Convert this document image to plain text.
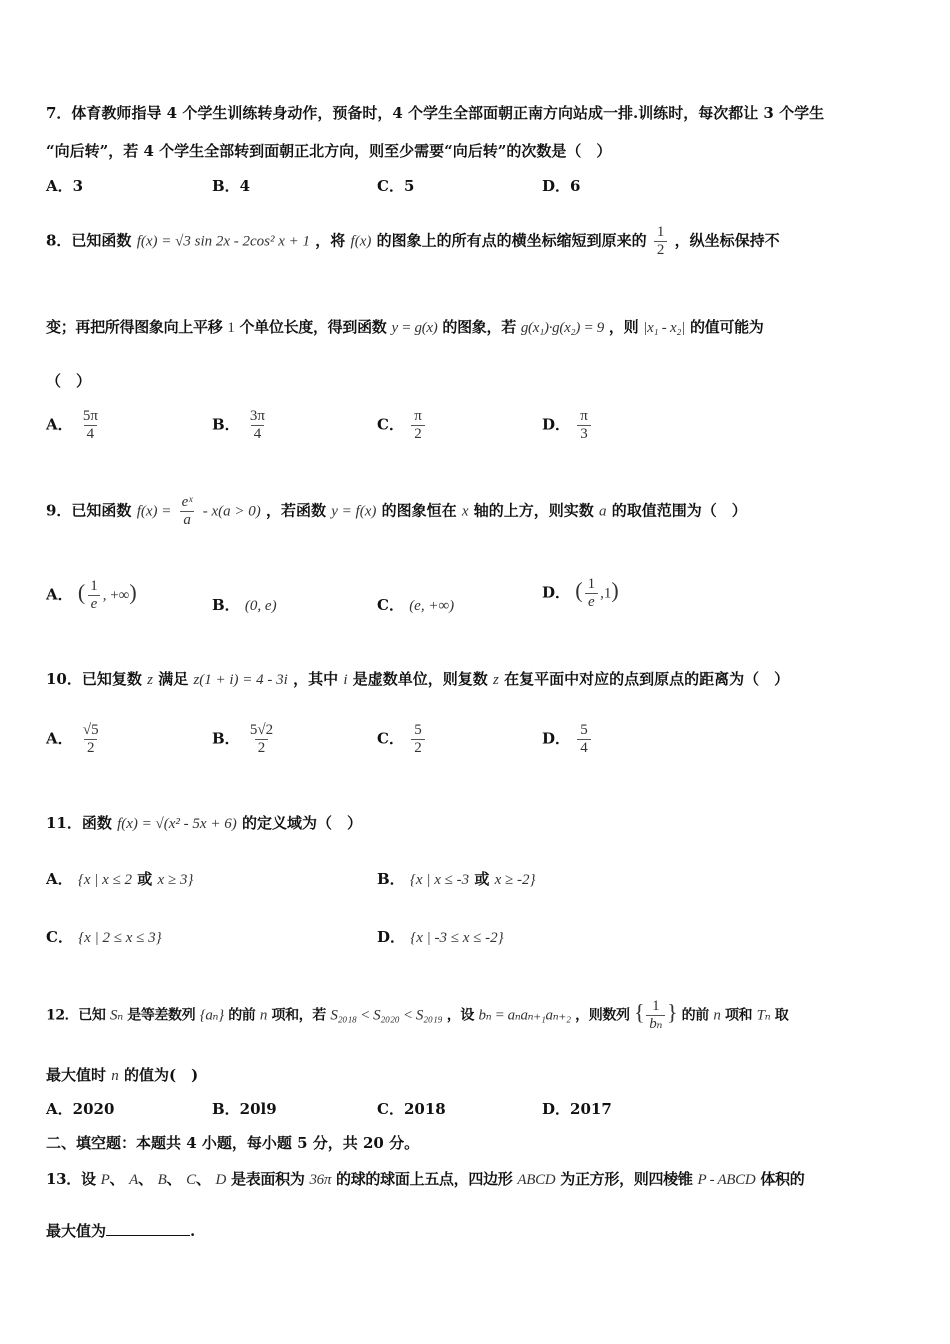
7．体育教师指导 4 个学生训练转身动作，预备时，4 个学生全部面朝正南方向站成一排.训练时，每次都让 3 个学生
“向后转”，若 4 个学生全部转到面朝正北方向，则至少需要“向后转”的次数是（　）
A．3	B．4	C．5	D．6
8．已知函数 f(x) = √3 sin 2x - 2cos² x + 1 ，将 f(x) 的图象上的所有点的横坐标缩短到原来的 $\frac{1}{2}$ ，纵坐标保持不
变；再把所得图象向上平移 1 个单位长度，得到函数 y = g(x) 的图象，若 g(x₁)·g(x₂) = 9 ，则 |x₁ - x₂| 的值可能为
（　）
A． $\frac{5\pi}{4}$	B． $\frac{3\pi}{4}$	C． $\frac{\pi}{2}$	D． $\frac{\pi}{3}$
9．已知函数 $f(x) = \frac{\text{eˣ}}{a} - x(a > 0)$ ，若函数 y = f(x) 的图象恒在 x 轴的上方，则实数 a 的取值范围为（　）
A． ( $\frac{1}{e}$ , +∞)
B． (0, e)	C． (e, +∞)
D． ( $\frac{1}{e} ,1$)
10．已知复数 z 满足 z(1 + i) = 4 - 3i ，其中 i 是虚数单位，则复数 z 在复平面中对应的点到原点的距离为（　）
A． $\frac{√5}{2}$	B． $\frac{5√2}{2}$	C． $\frac{5}{2}$	D． $\frac{5}{4}$
11．函数 f(x) = √(x² - 5x + 6) 的定义域为（　）
A． {x | x ≤ 2 或 x ≥ 3}	B． {x | x ≤ -3 或 x ≥ -2}
C． {x | 2 ≤ x ≤ 3}	D． {x | -3 ≤ x ≤ -2}
12．已知 Sₙ 是等差数列 {aₙ} 的前 n 项和，若 S₂₀₁₈ < S₂₀₂₀ < S₂₀₁₉ ，设 bₙ = aₙaₙ₊₁aₙ₊₂ ，则数列 { $\frac{1}{\text{bₙ}}$ } 的前 n 项和 Tₙ 取
最大值时 n 的值为(　)
A．2020	B．20l9	C．2018	D．2017
二、填空题：本题共 4 小题，每小题 5 分，共 20 分。
13．设 P、 A、 B、 C、 D 是表面积为 36π 的球的球面上五点，四边形 ABCD 为正方形，则四棱锥 P - ABCD 体积的
最大值为	.
